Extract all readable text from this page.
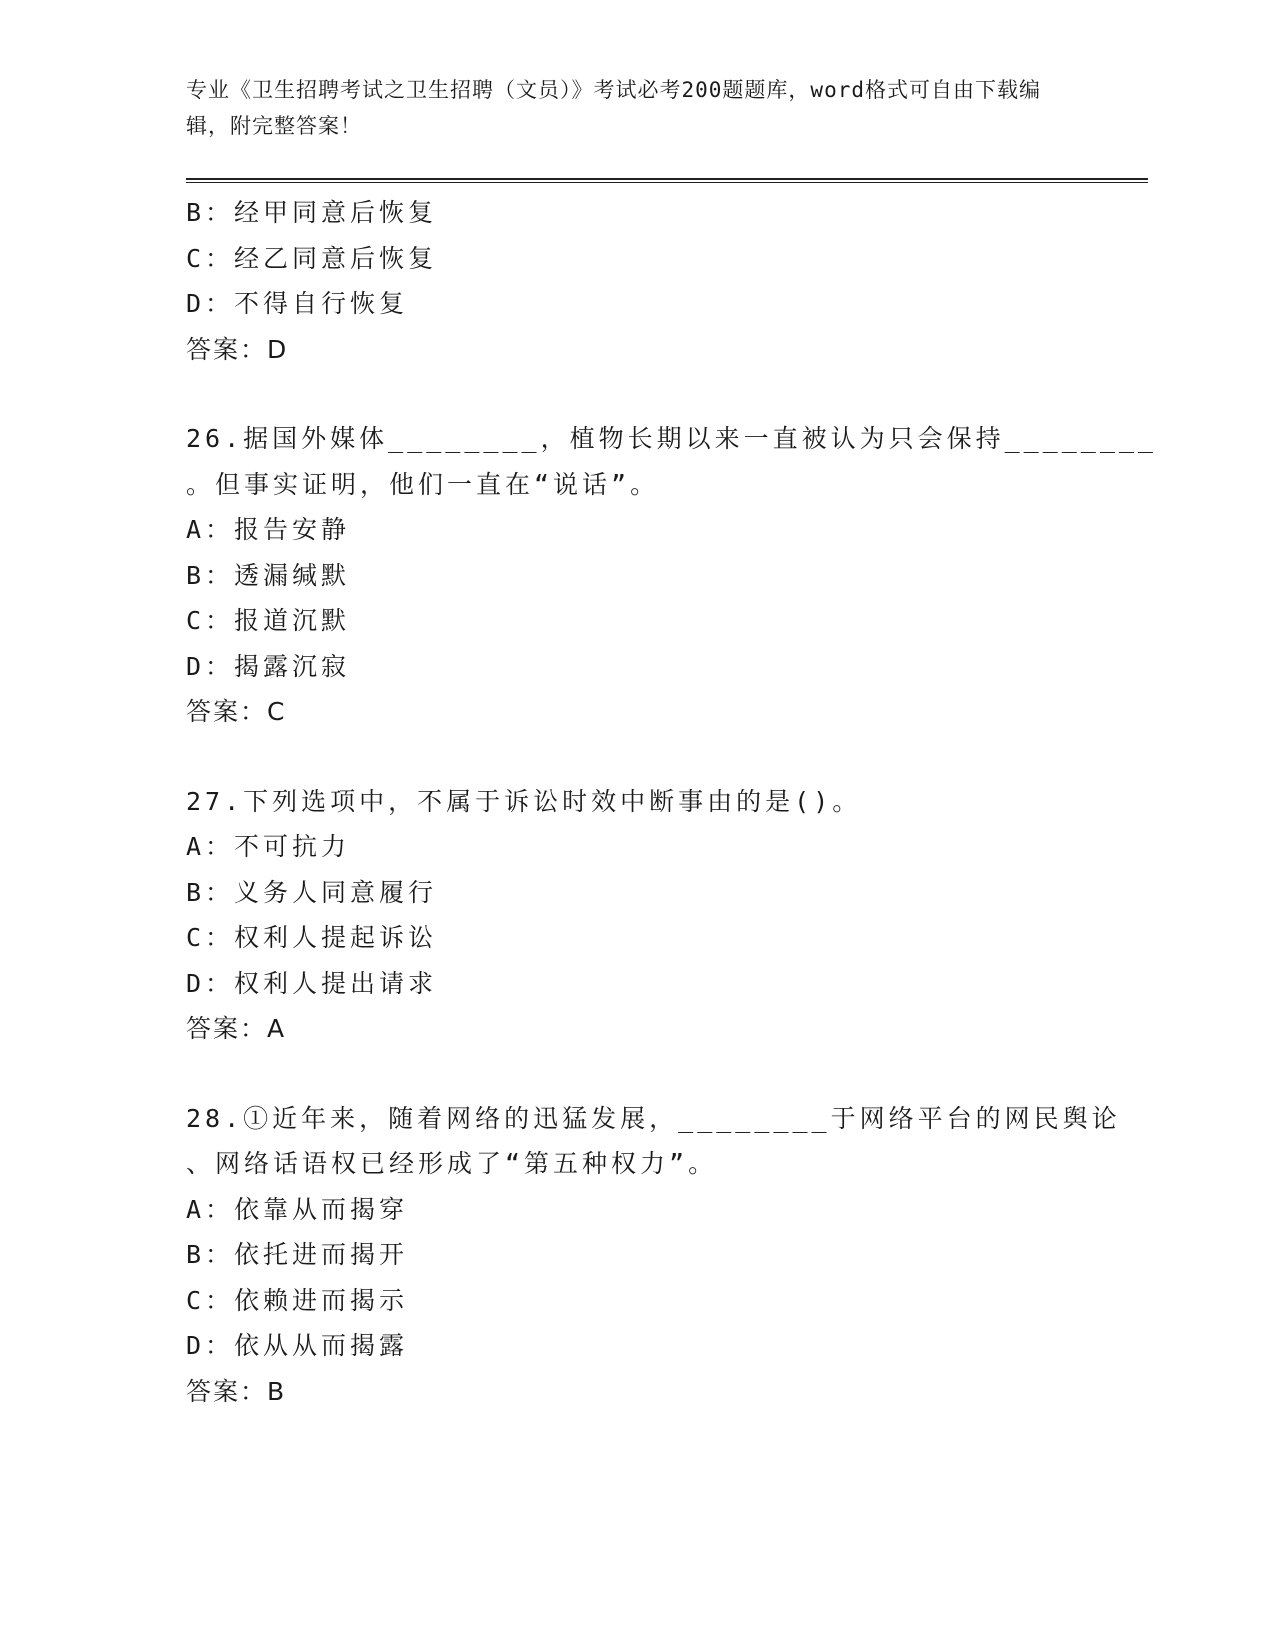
专业《卫生招聘考试之卫生招聘（文员）》考试必考200题题库，word格式可自由下载编辑，附完整答案！
B：经甲同意后恢复
C：经乙同意后恢复
D：不得自行恢复
答案：D
26.据国外媒体________，植物长期以来一直被认为只会保持________
。但事实证明，他们一直在“说话”。
A：报告安静
B：透漏缄默
C：报道沉默
D：揭露沉寂
答案：C
27.下列选项中，不属于诉讼时效中断事由的是()。
A：不可抗力
B：义务人同意履行
C：权利人提起诉讼
D：权利人提出请求
答案：A
28.①近年来，随着网络的迅猛发展，________于网络平台的网民舆论
、网络话语权已经形成了“第五种权力”。
A：依靠从而揭穿
B：依托进而揭开
C：依赖进而揭示
D：依从从而揭露
答案：B
